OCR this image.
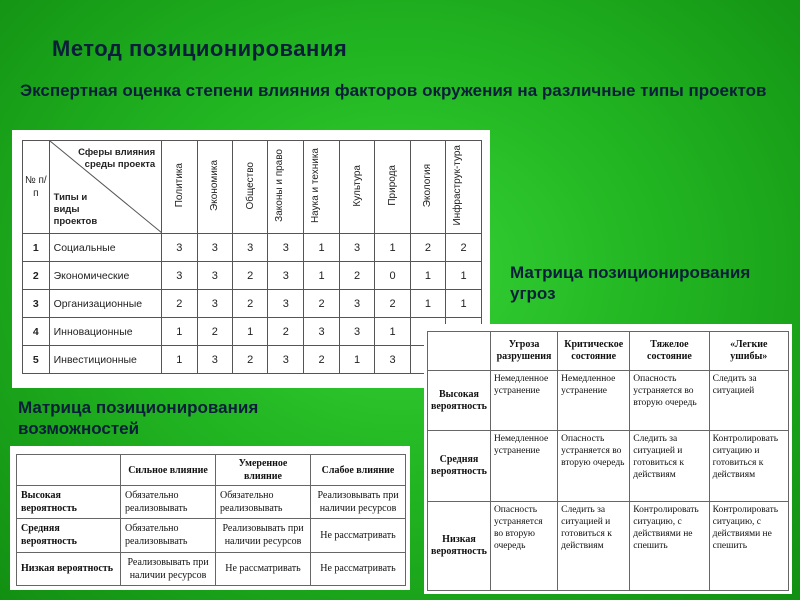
Метод позиционирования

Экспертная оценка степени влияния факторов окружения на различные типы проектов

№ п/п	Сферы влияния среды проекта
Типы и виды проектов	Политика	Экономика	Общество	Законы и право	Наука и техника	Культура	Природа	Экология	Инфраструк-тура
1	Социальные	3	3	3	3	1	3	1	2	2
2	Экономические	3	3	2	3	1	2	0	1	1
3	Организационные	2	3	2	3	2	3	2	1	1
4	Инновационные	1	2	1	2	3	3	1		
5	Инвестиционные	1	3	2	3	2	1	3		

Матрица позиционирования угроз

	Угроза разрушения	Критическое состояние	Тяжелое состояние	«Легкие ушибы»
Высокая вероятность	Немедленное устранение	Немедленное устранение	Опасность устраняется во вторую очередь	Следить за ситуацией
Средняя вероятность	Немедленное устранение	Опасность устраняется во вторую очередь	Следить за ситуацией и готовиться к действиям	Контролировать ситуацию и готовиться к действиям
Низкая вероятность	Опасность устраняется во вторую очередь	Следить за ситуацией и готовиться к действиям	Контролировать ситуацию, с действиями не спешить	Контролировать ситуацию, с действиями не спешить

Матрица позиционирования возможностей

	Сильное влияние	Умеренное влияние	Слабое влияние
Высокая вероятность	Обязательно реализовывать	Обязательно реализовывать	Реализовывать при наличии ресурсов
Средняя вероятность	Обязательно реализовывать	Реализовывать при наличии ресурсов	Не рассматривать
Низкая вероятность	Реализовывать при наличии ресурсов	Не рассматривать	Не рассматривать
